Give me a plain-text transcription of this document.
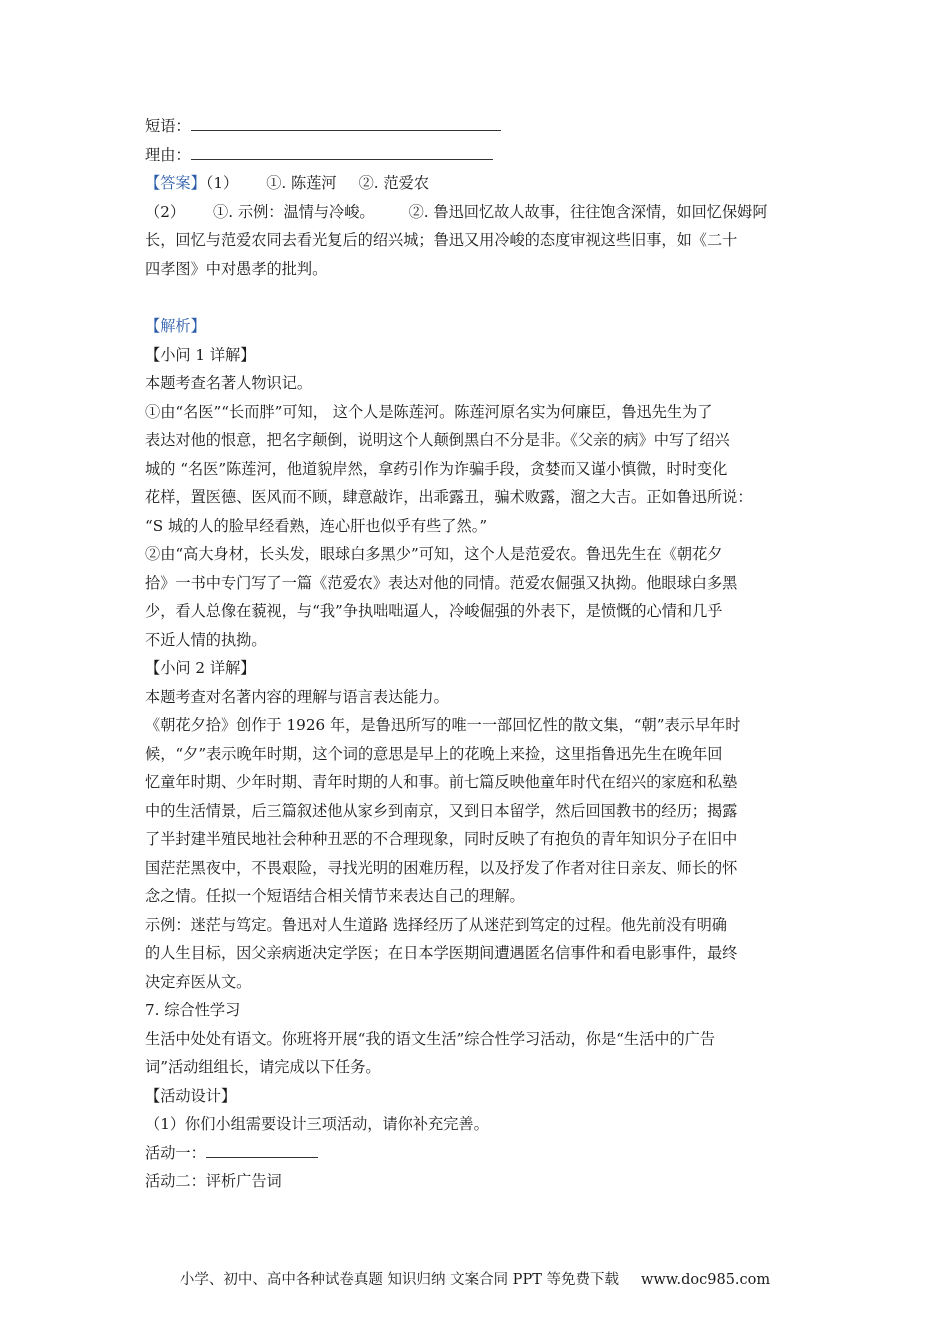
短语：
理由：
【答案】（1） ①. 陈莲河 ②. 范爱农
（2） ①. 示例：温情与冷峻。 ②. 鲁迅回忆故人故事，往往饱含深情，如回忆保姆阿
长，回忆与范爱农同去看光复后的绍兴城；鲁迅又用冷峻的态度审视这些旧事，如《二十
四孝图》中对愚孝的批判。
【解析】
【小问 1 详解】
本题考查名著人物识记。
①由“名医”“长而胖”可知， 这个人是陈莲河。陈莲河原名实为何廉臣，鲁迅先生为了
表达对他的恨意，把名字颠倒，说明这个人颠倒黑白不分是非。《父亲的病》中写了绍兴
城的 “名医”陈莲河，他道貌岸然，拿药引作为诈骗手段，贪婪而又谨小慎微，时时变化
花样，置医德、医风而不顾，肆意敲诈，出乖露丑，骗术败露，溜之大吉。正如鲁迅所说：
“S 城的人的脸早经看熟，连心肝也似乎有些了然。”
②由“高大身材，长头发，眼球白多黑少”可知，这个人是范爱农。鲁迅先生在《朝花夕
拾》一书中专门写了一篇《范爱农》表达对他的同情。范爱农倔强又执拗。他眼球白多黑
少，看人总像在藐视，与“我”争执咄咄逼人，冷峻倔强的外表下，是愤慨的心情和几乎
不近人情的执拗。
【小问 2 详解】
本题考查对名著内容的理解与语言表达能力。
《朝花夕拾》创作于 1926 年，是鲁迅所写的唯一一部回忆性的散文集，“朝”表示早年时
候，“夕”表示晚年时期，这个词的意思是早上的花晚上来捡，这里指鲁迅先生在晚年回
忆童年时期、少年时期、青年时期的人和事。前七篇反映他童年时代在绍兴的家庭和私塾
中的生活情景，后三篇叙述他从家乡到南京，又到日本留学，然后回国教书的经历；揭露
了半封建半殖民地社会种种丑恶的不合理现象，同时反映了有抱负的青年知识分子在旧中
国茫茫黑夜中，不畏艰险，寻找光明的困难历程，以及抒发了作者对往日亲友、师长的怀
念之情。任拟一个短语结合相关情节来表达自己的理解。
示例：迷茫与笃定。鲁迅对人生道路 选择经历了从迷茫到笃定的过程。他先前没有明确
的人生目标，因父亲病逝决定学医；在日本学医期间遭遇匿名信事件和看电影事件，最终
决定弃医从文。
7. 综合性学习
生活中处处有语文。你班将开展“我的语文生活”综合性学习活动，你是“生活中的广告
词”活动组组长，请完成以下任务。
【活动设计】
（1）你们小组需要设计三项活动，请你补充完善。
活动一：
活动二：评析广告词
小学、初中、高中各种试卷真题 知识归纳 文案合同 PPT 等免费下载 www.doc985.com
